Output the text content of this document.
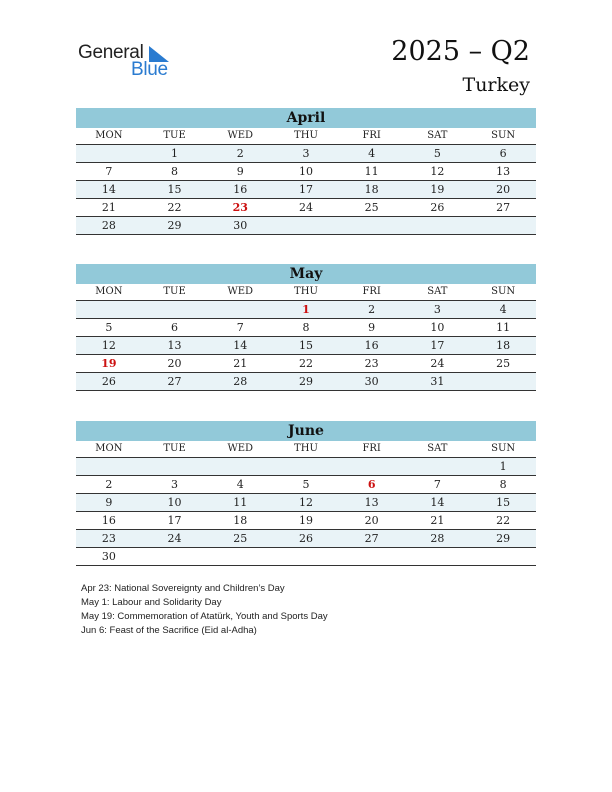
General
Blue
2025 – Q2
Turkey
April
MON	TUE	WED	THU	FRI	SAT	SUN
	1	2	3	4	5	6
7	8	9	10	11	12	13
14	15	16	17	18	19	20
21	22	23	24	25	26	27
28	29	30				
May
MON	TUE	WED	THU	FRI	SAT	SUN
			1	2	3	4
5	6	7	8	9	10	11
12	13	14	15	16	17	18
19	20	21	22	23	24	25
26	27	28	29	30	31	
June
MON	TUE	WED	THU	FRI	SAT	SUN
						1
2	3	4	5	6	7	8
9	10	11	12	13	14	15
16	17	18	19	20	21	22
23	24	25	26	27	28	29
30						
Apr 23: National Sovereignty and Children’s Day
May 1: Labour and Solidarity Day
May 19: Commemoration of Atatürk, Youth and Sports Day
Jun 6: Feast of the Sacrifice (Eid al-Adha)
